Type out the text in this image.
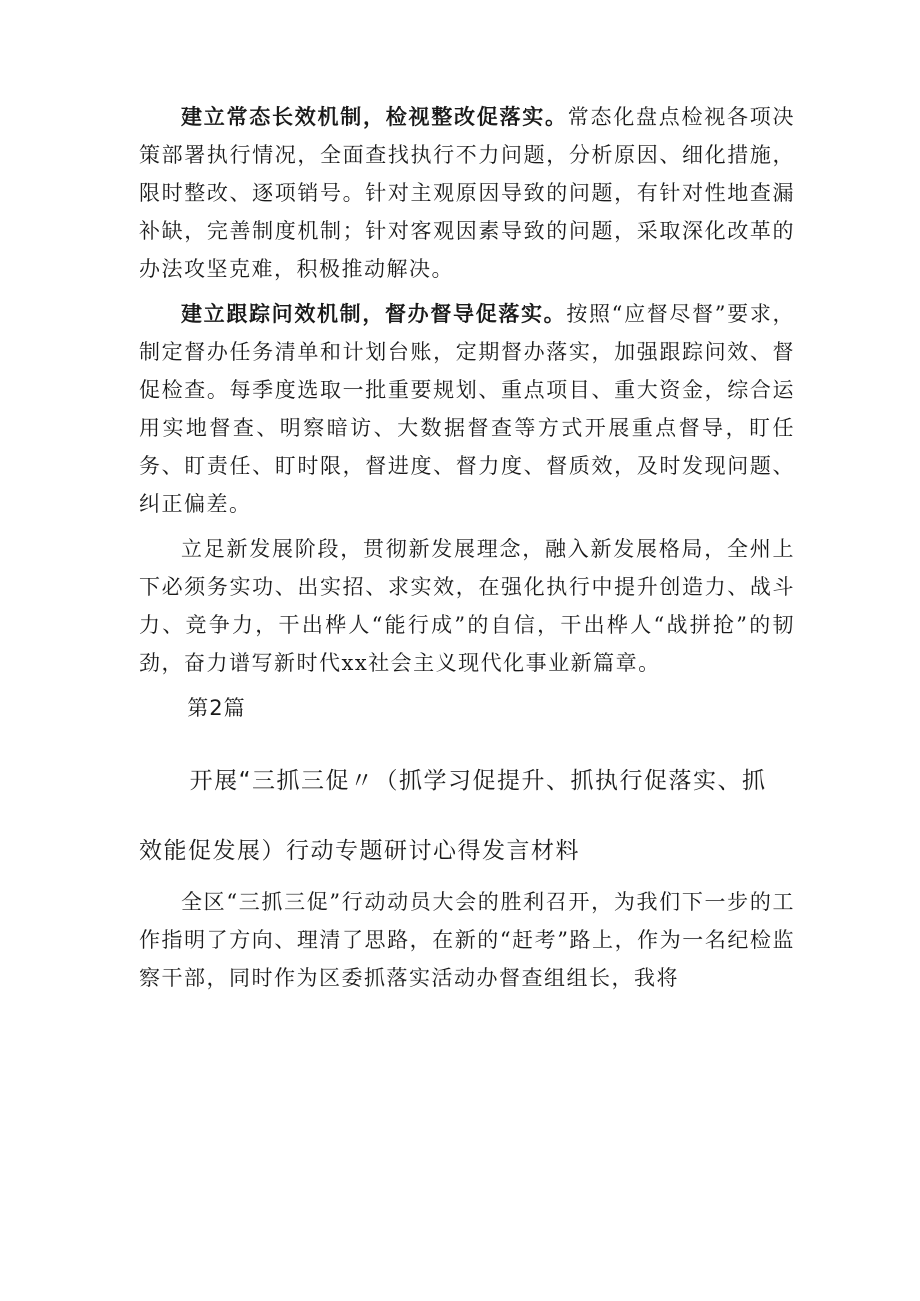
建立常态长效机制，检视整改促落实。常态化盘点检视各项决策部署执行情况，全面查找执行不力问题，分析原因、细化措施，限时整改、逐项销号。针对主观原因导致的问题，有针对性地查漏补缺，完善制度机制；针对客观因素导致的问题，采取深化改革的办法攻坚克难，积极推动解决。

建立跟踪问效机制，督办督导促落实。按照“应督尽督”要求，制定督办任务清单和计划台账，定期督办落实，加强跟踪问效、督促检查。每季度选取一批重要规划、重点项目、重大资金，综合运用实地督查、明察暗访、大数据督查等方式开展重点督导，盯任务、盯责任、盯时限，督进度、督力度、督质效，及时发现问题、纠正偏差。

立足新发展阶段，贯彻新发展理念，融入新发展格局，全州上下必须务实功、出实招、求实效，在强化执行中提升创造力、战斗力、竞争力，干出桦人“能行成”的自信，干出桦人“战拼抢”的韧劲，奋力谱写新时代xx社会主义现代化事业新篇章。

第2篇
开展“三抓三促〃（抓学习促提升、抓执行促落实、抓
效能促发展）行动专题研讨心得发言材料

全区“三抓三促”行动动员大会的胜利召开，为我们下一步的工作指明了方向、理清了思路，在新的“赶考”路上，作为一名纪检监察干部，同时作为区委抓落实活动办督查组组长，我将
